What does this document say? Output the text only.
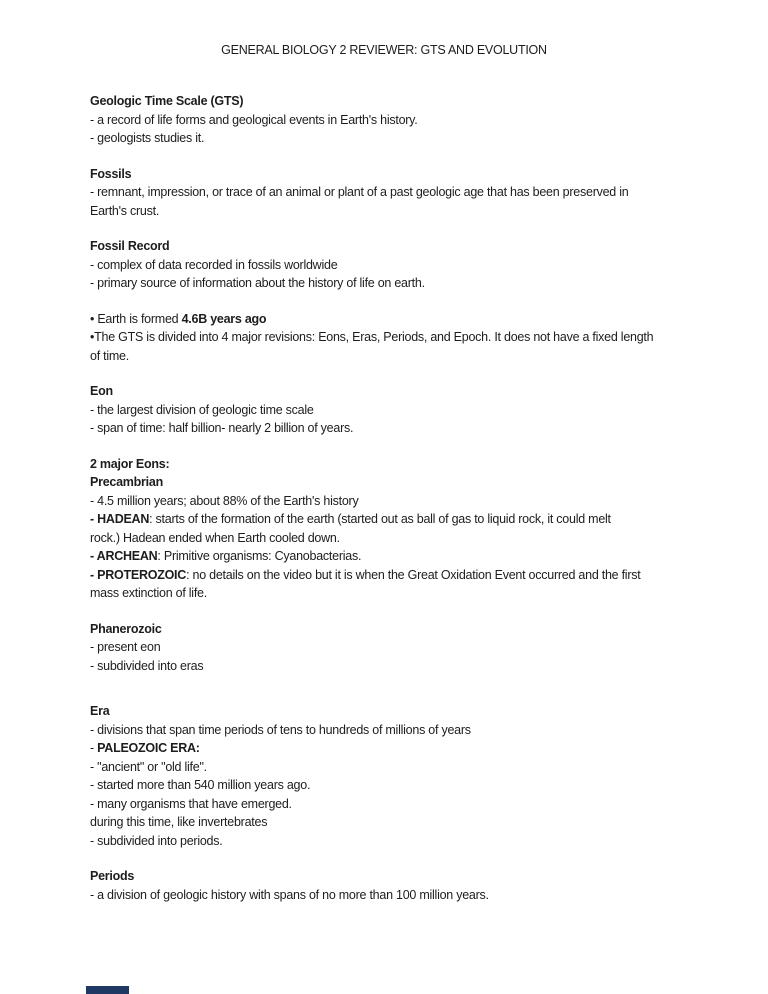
GENERAL BIOLOGY 2 REVIEWER: GTS AND EVOLUTION
Geologic Time Scale (GTS)
- a record of life forms and geological events in Earth's history.
- geologists studies it.
Fossils
- remnant, impression, or trace of an animal or plant of a past geologic age that has been preserved in
Earth's crust.
Fossil Record
- complex of data recorded in fossils worldwide
- primary source of information about the history of life on earth.
• Earth is formed 4.6B years ago
•The GTS is divided into 4 major revisions: Eons, Eras, Periods, and Epoch. It does not have a fixed length
of time.
Eon
- the largest division of geologic time scale
- span of time: half billion- nearly 2 billion of years.
2 major Eons:
Precambrian
- 4.5 million years; about 88% of the Earth's history
- HADEAN: starts of the formation of the earth (started out as ball of gas to liquid rock, it could melt
rock.) Hadean ended when Earth cooled down.
- ARCHEAN: Primitive organisms: Cyanobacterias.
- PROTEROZOIC: no details on the video but it is when the Great Oxidation Event occurred and the first
mass extinction of life.
Phanerozoic
- present eon
- subdivided into eras
Era
- divisions that span time periods of tens to hundreds of millions of years
- PALEOZOIC ERA:
- "ancient" or "old life".
- started more than 540 million years ago.
- many organisms that have emerged.
during this time, like invertebrates
- subdivided into periods.
Periods
- a division of geologic history with spans of no more than 100 million years.
